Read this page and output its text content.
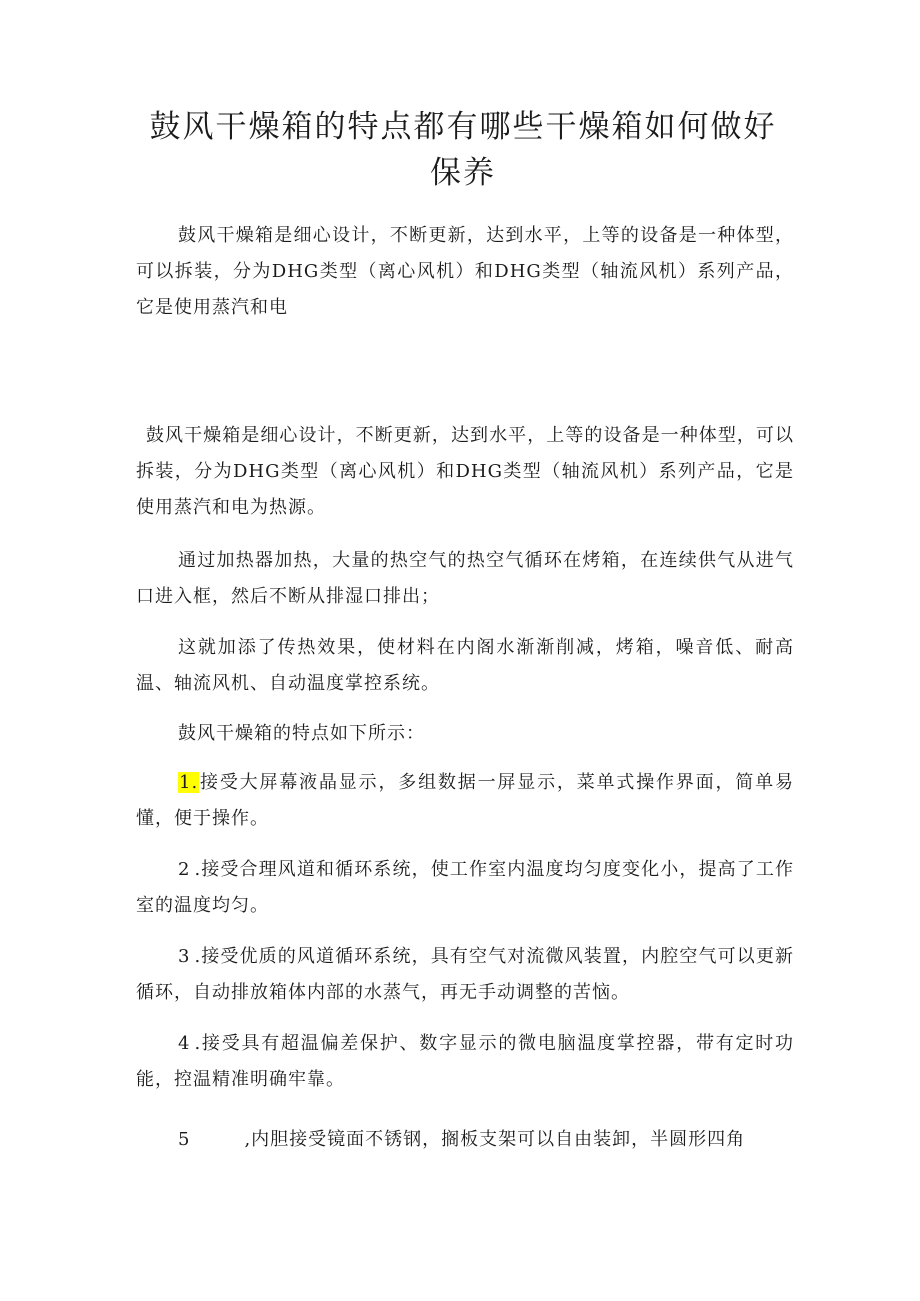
鼓风干燥箱的特点都有哪些干燥箱如何做好保养

鼓风干燥箱是细心设计，不断更新，达到水平，上等的设备是一种体型，可以拆装，分为DHG类型（离心风机）和DHG类型（轴流风机）系列产品，它是使用蒸汽和电

鼓风干燥箱是细心设计，不断更新，达到水平，上等的设备是一种体型，可以拆装，分为DHG类型（离心风机）和DHG类型（轴流风机）系列产品，它是使用蒸汽和电为热源。

通过加热器加热，大量的热空气的热空气循环在烤箱，在连续供气从进气口进入框，然后不断从排湿口排出；

这就加添了传热效果，使材料在内阁水渐渐削减，烤箱，噪音低、耐高温、轴流风机、自动温度掌控系统。

鼓风干燥箱的特点如下所示：

1.接受大屏幕液晶显示，多组数据一屏显示，菜单式操作界面，简单易懂，便于操作。

2 .接受合理风道和循环系统，使工作室内温度均匀度变化小，提高了工作室的温度均匀。

3 .接受优质的风道循环系统，具有空气对流微风装置，内腔空气可以更新循环，自动排放箱体内部的水蒸气，再无手动调整的苦恼。

4 .接受具有超温偏差保护、数字显示的微电脑温度掌控器，带有定时功能，控温精准明确牢靠。

5	,内胆接受镜面不锈钢，搁板支架可以自由装卸，半圆形四角
